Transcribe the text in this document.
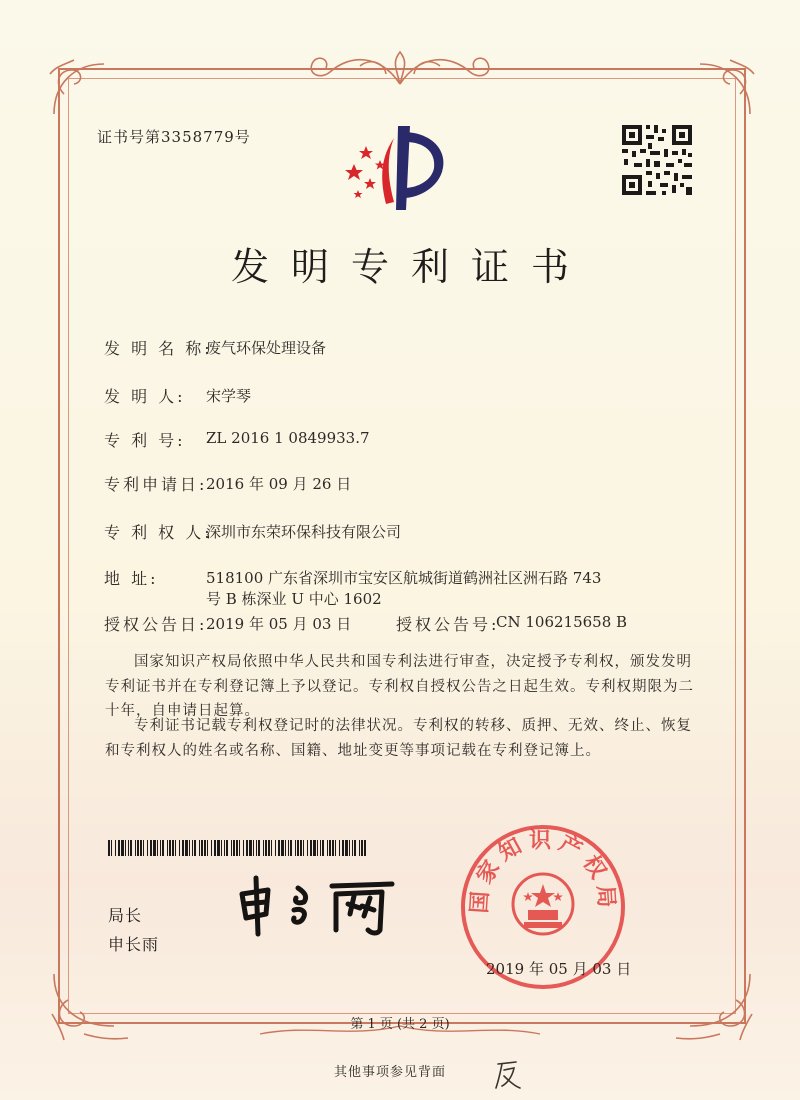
证书号第3358779号
发明专利证书
发 明 名 称:
废气环保处理设备
发 明 人: 宋学琴
专 利 号: ZL 2016 1 0849933.7
专利申请日:
2016 年 09 月 26 日
专 利 权 人:
深圳市东荣环保科技有限公司
地 址:	518100 广东省深圳市宝安区航城街道鹤洲社区洲石路 743
号 B 栋深业 U 中心 1602
授权公告日:
2019 年 05 月 03 日	授权公告号:
CN 106215658 B
国家知识产权局依照中华人民共和国专利法进行审查，决定授予专利权，颁发发明专利证书并在专利登记簿上予以登记。专利权自授权公告之日起生效。专利权期限为二十年，自申请日起算。
专利证书记载专利权登记时的法律状况。专利权的转移、质押、无效、终止、恢复和专利权人的姓名或名称、国籍、地址变更等事项记载在专利登记簿上。
局长
申长雨
国家知识产权局
2019 年 05 月 03 日
第 1 页 (共 2 页)
其他事项参见背面
